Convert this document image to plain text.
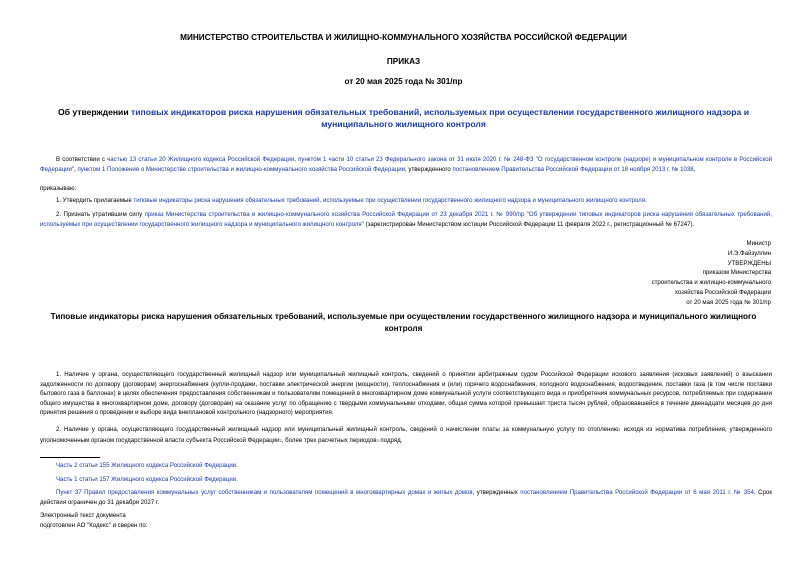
МИНИСТЕРСТВО СТРОИТЕЛЬСТВА И ЖИЛИЩНО-КОММУНАЛЬНОГО ХОЗЯЙСТВА РОССИЙСКОЙ ФЕДЕРАЦИИ
ПРИКАЗ
от 20 мая 2025 года № 301/пр
Об утверждении типовых индикаторов риска нарушения обязательных требований, используемых при осуществлении государственного жилищного надзора и муниципального жилищного контроля
В соответствии с частью 13 статьи 20 Жилищного кодекса Российской Федерации, пунктом 1 части 10 статьи 23 Федерального закона от 31 июля 2020 г. № 248-ФЗ "О государственном контроле (надзоре) и муниципальном контроле в Российской Федерации", пунктом 1 Положения о Министерстве строительства и жилищно-коммунального хозяйства Российской Федерации, утвержденного постановлением Правительства Российской Федерации от 18 ноября 2013 г. № 1038,
приказываю:
1. Утвердить прилагаемые типовые индикаторы риска нарушения обязательных требований, используемые при осуществлении государственного жилищного надзора и муниципального жилищного контроля.
2. Признать утратившим силу приказ Министерства строительства и жилищно-коммунального хозяйства Российской Федерации от 23 декабря 2021 г. № 990/пр "Об утверждении типовых индикаторов риска нарушения обязательных требований, используемых при осуществлении государственного жилищного надзора и муниципального жилищного контроля" (зарегистрирован Министерством юстиции Российской Федерации 11 февраля 2022 г., регистрационный № 67247).
Министр
И.Э.Файзуллин
УТВЕРЖДЕНЫ
приказом Министерства
строительства и жилищно-коммунального
хозяйства Российской Федерации
от 20 мая 2025 года № 301/пр
Типовые индикаторы риска нарушения обязательных требований, используемые при осуществлении государственного жилищного надзора и муниципального жилищного контроля
1. Наличие у органа, осуществляющего государственный жилищный надзор или муниципальный жилищный контроль, сведений о принятии арбитражным судом Российской Федерации искового заявления (исковых заявлений) о взыскании задолженности по договору (договорам) энергоснабжения (купли-продажи, поставки электрической энергии (мощности), теплоснабжения и (или) горячего водоснабжения, холодного водоснабжения, водоотведения, поставки газа (в том числе поставки бытового газа в баллонах) в целях обеспечения предоставления собственникам и пользователям помещений в многоквартирном доме коммунальной услуги соответствующего вида и приобретения коммунальных ресурсов, потребляемых при содержании общего имущества в многоквартирном доме, договору (договорам) на оказание услуг по обращению с твердыми коммунальными отходами, общая сумма которой превышает триста тысяч рублей, образовавшейся в течение двенадцати месяцев до дня принятия решения о проведении и выборе вида внеплановой контрольного (надзорного) мероприятия.
2. Наличие у органа, осуществляющего государственный жилищный надзор или муниципальный жилищный контроль, сведений о начислении платы за коммунальную услугу по отоплению$^1$ исходя из норматива потребления, утвержденного уполномоченным органом государственной власти субъекта Российской Федерации$^2$, более трех расчетных периодов$^3$ подряд.
Часть 2 статьи 155 Жилищного кодекса Российской Федерации.
Часть 1 статьи 157 Жилищного кодекса Российской Федерации.
Пункт 37 Правил предоставления коммунальных услуг собственникам и пользователям помещений в многоквартирных домах и жилых домов, утвержденных постановлением Правительства Российской Федерации от 6 мая 2011 г. № 354. Срок действия ограничен до 31 декабря 2027 г.
Электронный текст документа
подготовлен АО "Кодекс" и сверен по:
